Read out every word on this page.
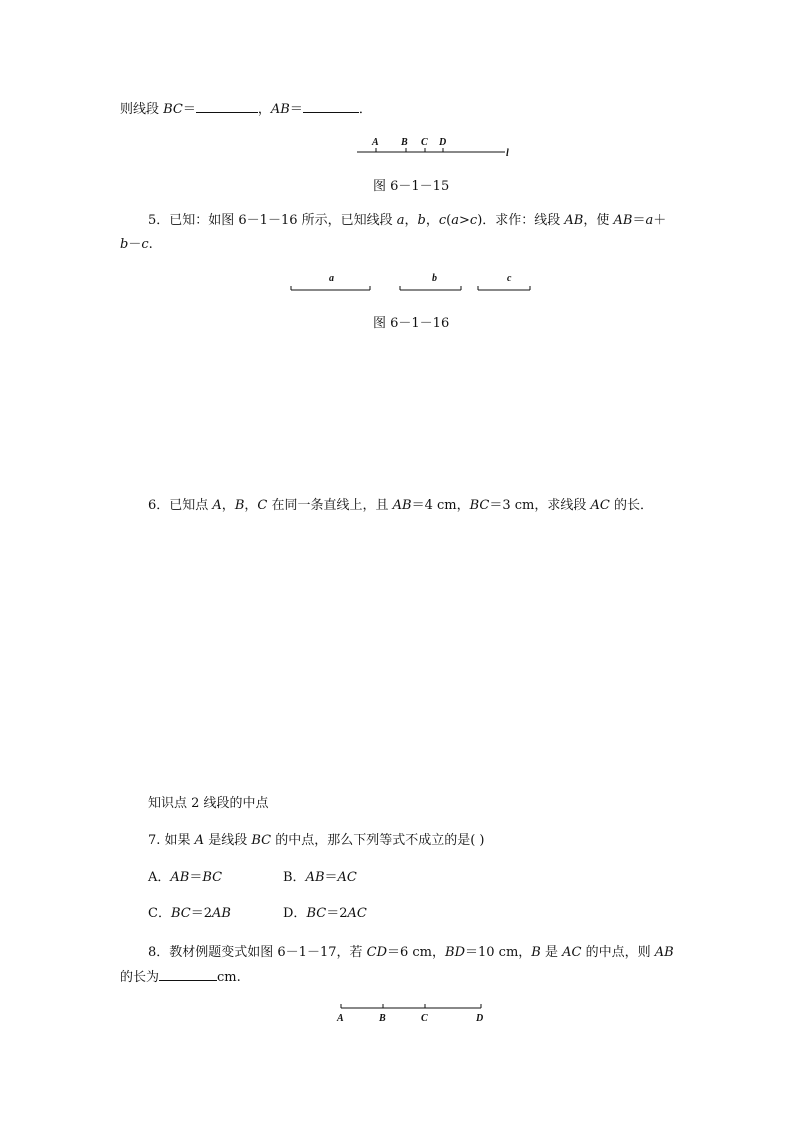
则线段 BC＝	，AB＝	．
A B C D
l
图 6－1－15
5．已知：如图 6－1－16 所示，已知线段 a，b，c(a>c)．求作：线段 AB，使 AB＝a＋
b－c.
a	b	c
图 6－1－16
6．已知点 A，B，C 在同一条直线上，且 AB＝4 cm，BC＝3 cm，求线段 AC 的长．
知识点 2 线段的中点
7. 如果 A 是线段 BC 的中点，那么下列等式不成立的是( )
A．AB＝BC	B．AB＝AC
C．BC＝2AB	D．BC＝2AC
8．教材例题变式如图 6－1－17，若 CD＝6 cm，BD＝10 cm，B 是 AC 的中点，则 AB
的长为	cm.
A	B	C	D
